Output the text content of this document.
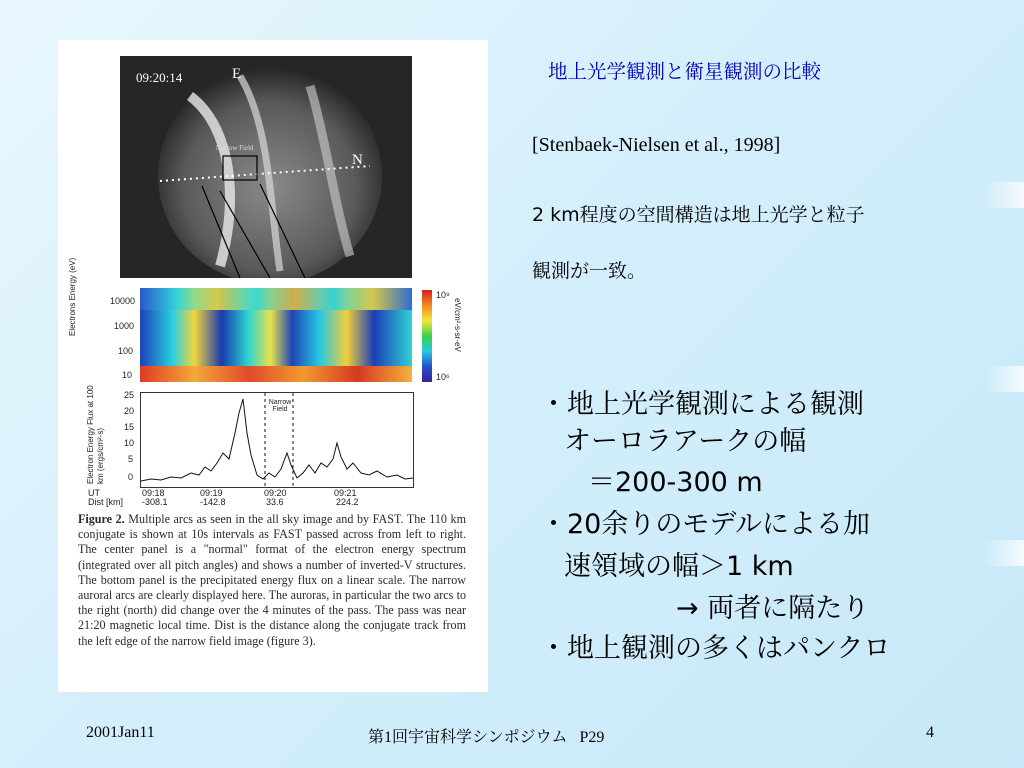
09:20:14	E
N
Narrow Field
Electrons Energy (eV)	10000
1000
100
10
10⁹
10⁶
eV/cm²-s-sr-eV
Electron Energy Flux at 100 km (ergs/cm²-s)
25
20
15
10
5
0
Narrow Field
UT
Dist [km]
09:18	09:19	09:20	09:21
-308.1	-142.8	33.6	224.2
Figure 2. Multiple arcs as seen in the all sky image and by FAST. The 110 km conjugate is shown at 10s intervals as FAST passed across from left to right. The center panel is a "normal" format of the electron energy spectrum (integrated over all pitch angles) and shows a number of inverted-V structures. The bottom panel is the precipitated energy flux on a linear scale. The narrow auroral arcs are clearly displayed here. The auroras, in particular the two arcs to the right (north) did change over the 4 minutes of the pass. The pass was near 21:20 magnetic local time. Dist is the distance along the conjugate track from the left edge of the narrow field image (figure 3).
地上光学観測と衛星観測の比較
[Stenbaek-Nielsen et al., 1998]
2 km程度の空間構造は地上光学と粒子
観測が一致。
・地上光学観測による観測
オーロラアークの幅
＝200-300 m
・20余りのモデルによる加
速領域の幅＞1 km
→ 両者に隔たり
・地上観測の多くはパンクロ
2001Jan11	第1回宇宙科学シンポジウム P29	4
